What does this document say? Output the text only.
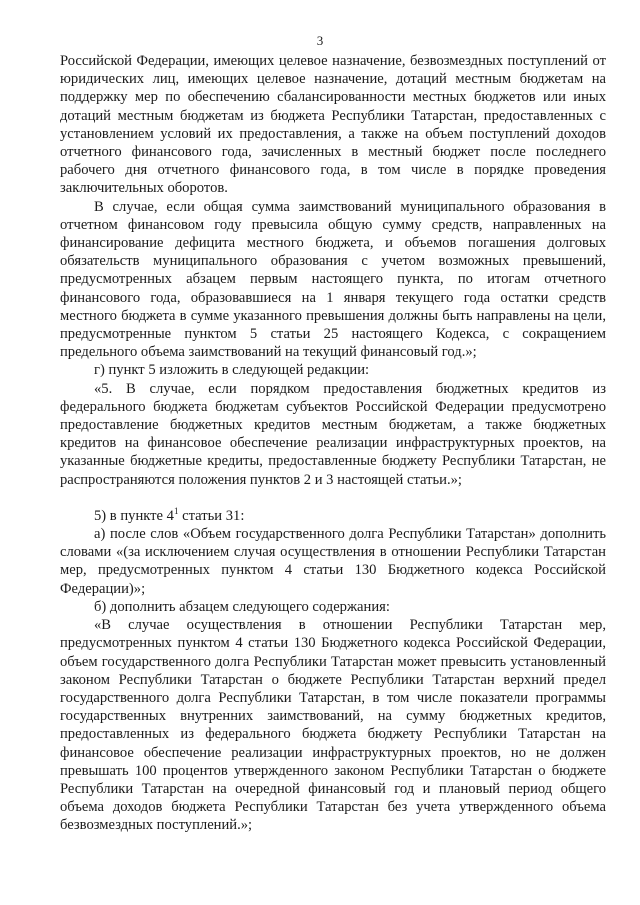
3

Российской Федерации, имеющих целевое назначение, безвозмездных поступлений от юридических лиц, имеющих целевое назначение, дотаций местным бюджетам на поддержку мер по обеспечению сбалансированности местных бюджетов или иных дотаций местным бюджетам из бюджета Республики Татарстан, предоставленных с установлением условий их предоставления, а также на объем поступлений доходов отчетного финансового года, зачисленных в местный бюджет после последнего рабочего дня отчетного финансового года, в том числе в порядке проведения заключительных оборотов.

В случае, если общая сумма заимствований муниципального образования в отчетном финансовом году превысила общую сумму средств, направленных на финансирование дефицита местного бюджета, и объемов погашения долговых обязательств муниципального образования с учетом возможных превышений, предусмотренных абзацем первым настоящего пункта, по итогам отчетного финансового года, образовавшиеся на 1 января текущего года остатки средств местного бюджета в сумме указанного превышения должны быть направлены на цели, предусмотренные пунктом 5 статьи 25 настоящего Кодекса, с сокращением предельного объема заимствований на текущий финансовый год.»;

г) пункт 5 изложить в следующей редакции:

«5. В случае, если порядком предоставления бюджетных кредитов из федерального бюджета бюджетам субъектов Российской Федерации предусмотрено предоставление бюджетных кредитов местным бюджетам, а также бюджетных кредитов на финансовое обеспечение реализации инфраструктурных проектов, на указанные бюджетные кредиты, предоставленные бюджету Республики Татарстан, не распространяются положения пунктов 2 и 3 настоящей статьи.»;

5) в пункте $4^1$ статьи 31:

а) после слов «Объем государственного долга Республики Татарстан» дополнить словами «(за исключением случая осуществления в отношении Республики Татарстан мер, предусмотренных пунктом 4 статьи 130 Бюджетного кодекса Российской Федерации)»;

б) дополнить абзацем следующего содержания:

«В случае осуществления в отношении Республики Татарстан мер, предусмотренных пунктом 4 статьи 130 Бюджетного кодекса Российской Федерации, объем государственного долга Республики Татарстан может превысить установленный законом Республики Татарстан о бюджете Республики Татарстан верхний предел государственного долга Республики Татарстан, в том числе показатели программы государственных внутренних заимствований, на сумму бюджетных кредитов, предоставленных из федерального бюджета бюджету Республики Татарстан на финансовое обеспечение реализации инфраструктурных проектов, но не должен превышать 100 процентов утвержденного законом Республики Татарстан о бюджете Республики Татарстан на очередной финансовый год и плановый период общего объема доходов бюджета Республики Татарстан без учета утвержденного объема безвозмездных поступлений.»;
